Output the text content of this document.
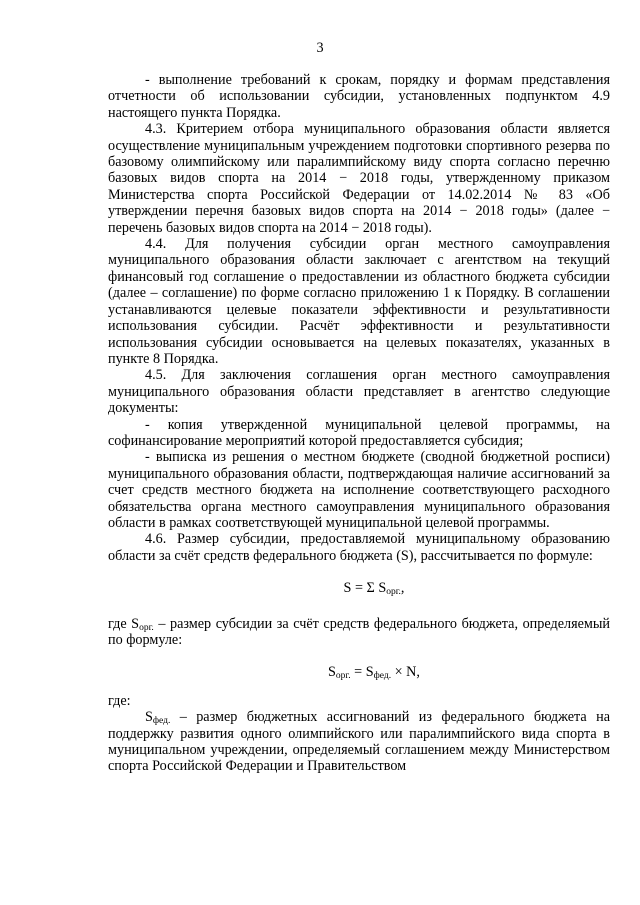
3

- выполнение требований к срокам, порядку и формам представления отчетности об использовании субсидии, установленных подпунктом 4.9 настоящего пункта Порядка.

4.3. Критерием отбора муниципального образования области является осуществление муниципальным учреждением подготовки спортивного резерва по базовому олимпийскому или паралимпийскому виду спорта согласно перечню базовых видов спорта на 2014 − 2018 годы, утвержденному приказом Министерства спорта Российской Федерации от 14.02.2014 № 83 «Об утверждении перечня базовых видов спорта на 2014 − 2018 годы» (далее − перечень базовых видов спорта на 2014 − 2018 годы).

4.4. Для получения субсидии орган местного самоуправления муниципального образования области заключает с агентством на текущий финансовый год соглашение о предоставлении из областного бюджета субсидии (далее – соглашение) по форме согласно приложению 1 к Порядку. В соглашении устанавливаются целевые показатели эффективности и результативности использования субсидии. Расчёт эффективности и результативности использования субсидии основывается на целевых показателях, указанных в пункте 8 Порядка.

4.5. Для заключения соглашения орган местного самоуправления муниципального образования области представляет в агентство следующие документы:

- копия утвержденной муниципальной целевой программы, на софинансирование мероприятий которой предоставляется субсидия;

- выписка из решения о местном бюджете (сводной бюджетной росписи) муниципального образования области, подтверждающая наличие ассигнований за счет средств местного бюджета на исполнение соответствующего расходного обязательства органа местного самоуправления муниципального образования области в рамках соответствующей муниципальной целевой программы.

4.6. Размер субсидии, предоставляемой муниципальному образованию области за счёт средств федерального бюджета (S), рассчитывается по формуле:

S = Σ $S_{орг.}$,

где $S_{орг.}$ – размер субсидии за счёт средств федерального бюджета, определяемый по формуле:

$S_{орг.} = S_{фед.} \times N$,

где:

$S_{фед.}$ – размер бюджетных ассигнований из федерального бюджета на поддержку развития одного олимпийского или паралимпийского вида спорта в муниципальном учреждении, определяемый соглашением между Министерством спорта Российской Федерации и Правительством
